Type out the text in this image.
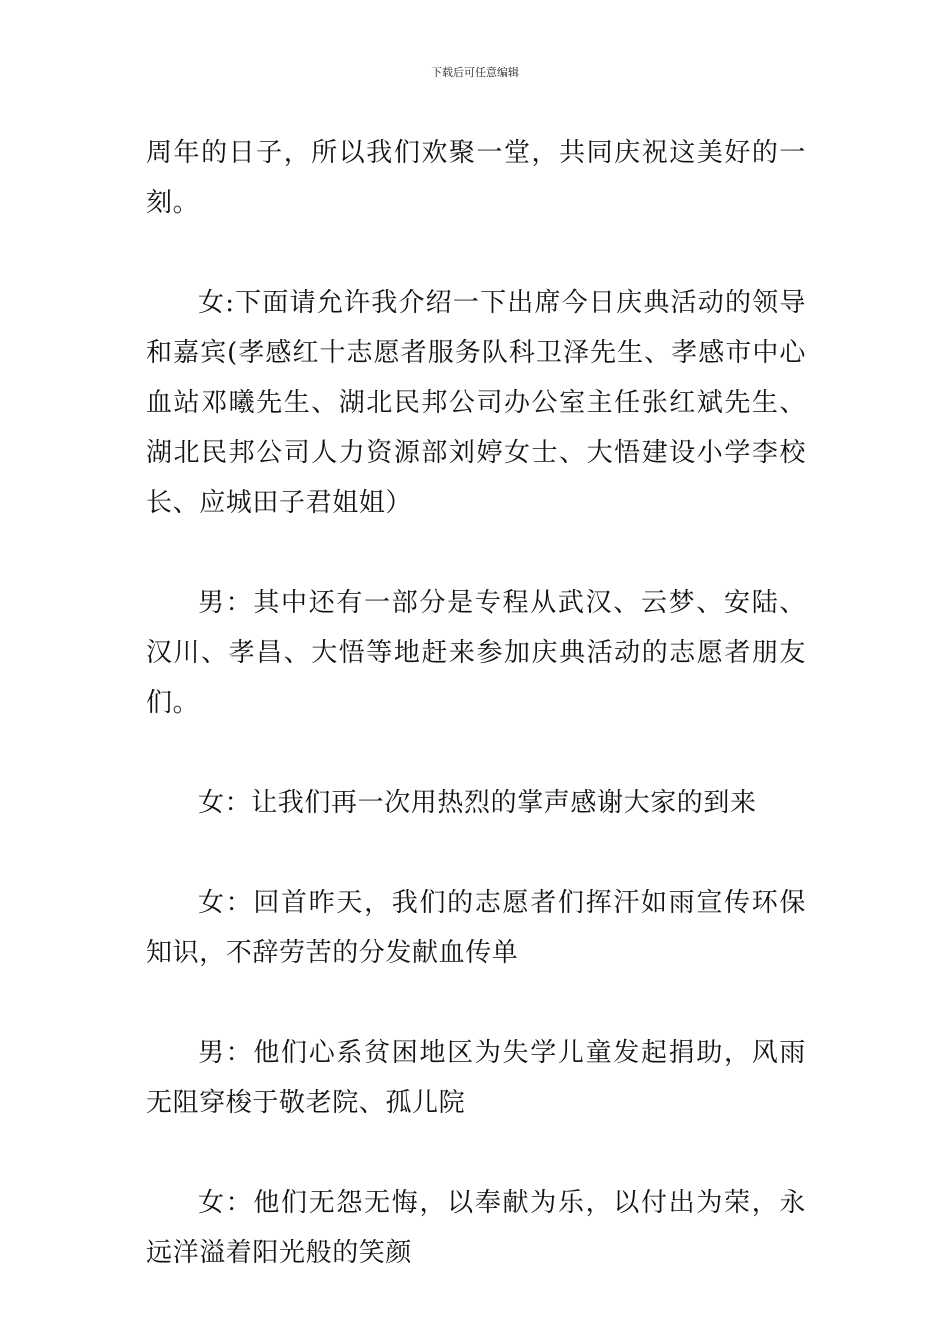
下载后可任意编辑

周年的日子，所以我们欢聚一堂，共同庆祝这美好的一刻。

女:下面请允许我介绍一下出席今日庆典活动的领导和嘉宾(孝感红十志愿者服务队科卫泽先生、孝感市中心血站邓曦先生、湖北民邦公司办公室主任张红斌先生、湖北民邦公司人力资源部刘婷女士、大悟建设小学李校长、应城田子君姐姐）

男：其中还有一部分是专程从武汉、云梦、安陆、汉川、孝昌、大悟等地赶来参加庆典活动的志愿者朋友们。

女：让我们再一次用热烈的掌声感谢大家的到来

女：回首昨天，我们的志愿者们挥汗如雨宣传环保知识，不辞劳苦的分发献血传单

男：他们心系贫困地区为失学儿童发起捐助，风雨无阻穿梭于敬老院、孤儿院

女：他们无怨无悔，以奉献为乐，以付出为荣，永远洋溢着阳光般的笑颜
